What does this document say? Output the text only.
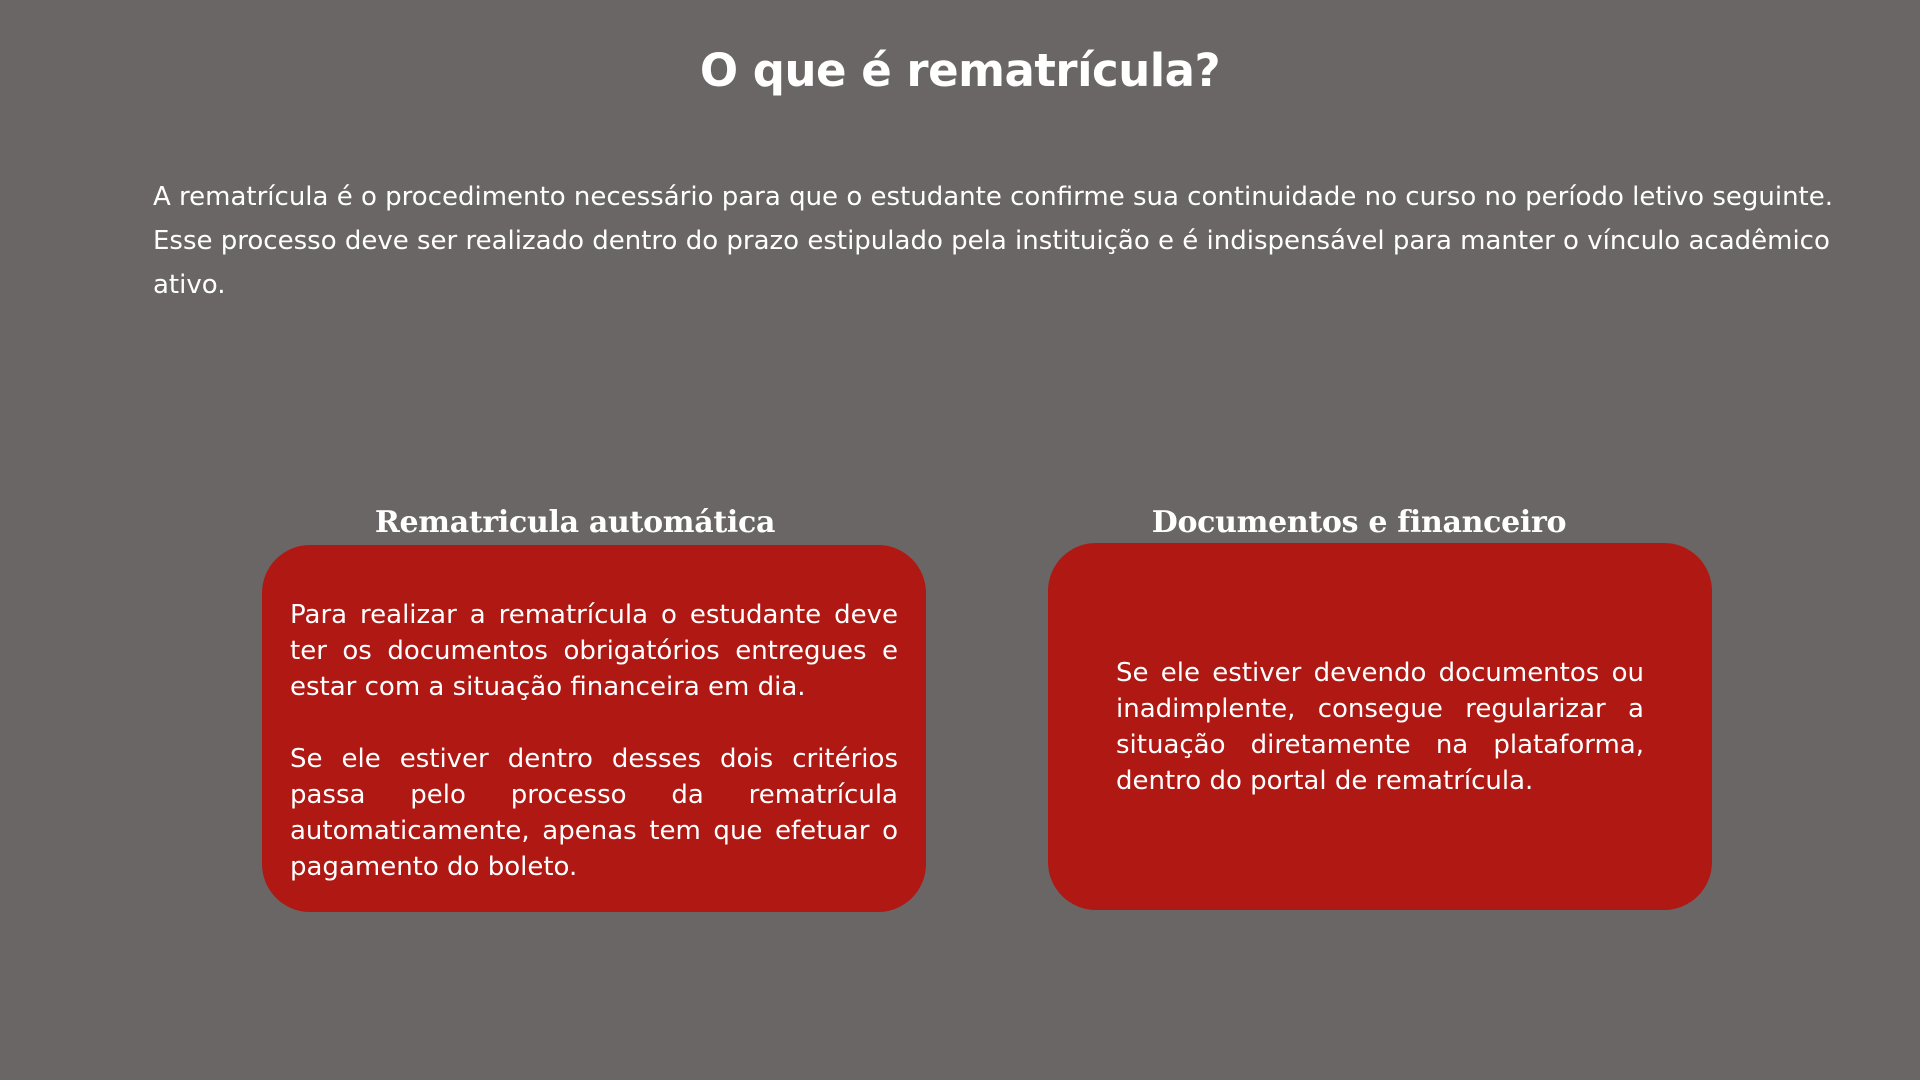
O que é rematrícula?

A rematrícula é o procedimento necessário para que o estudante confirme sua continuidade no curso no período letivo seguinte. Esse processo deve ser realizado dentro do prazo estipulado pela instituição e é indispensável para manter o vínculo acadêmico ativo.

Rematricula automática

Para realizar a rematrícula o estudante deve ter os documentos obrigatórios entregues e estar com a situação financeira em dia.

Se ele estiver dentro desses dois critérios passa pelo processo da rematrícula automaticamente, apenas tem que efetuar o pagamento do boleto.

Documentos e financeiro

Se ele estiver devendo documentos ou inadimplente, consegue regularizar a situação diretamente na plataforma, dentro do portal de rematrícula.
